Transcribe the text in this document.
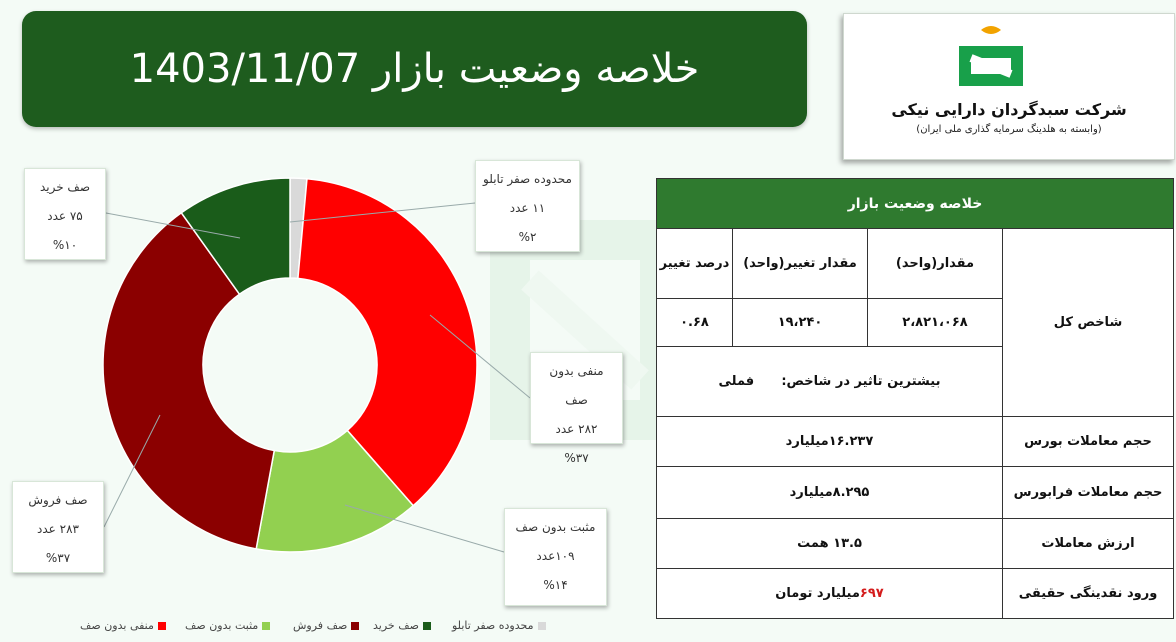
خلاصه وضعیت بازار 1403/11/07
شرکت سبدگردان دارایی نیکی
(وابسته به هلدینگ سرمایه گذاری ملی ایران)
محدوده صفر تابلو
۱۱ عدد
%۲
منفی بدون صف
۲۸۲ عدد
%۳۷
مثبت بدون صف
۱۰۹عدد
%۱۴
صف فروش
۲۸۳ عدد
%۳۷
صف خرید
۷۵ عدد
%۱۰
منفی بدون صف	مثبت بدون صف	صف فروش صف خرید	محدوده صفر تابلو
خلاصه وضعیت بازار			
شاخص کل	مقدار(واحد)	مقدار تغییر(واحد)	درصد تغییر
	۲،۸۲۱،۰۶۸	۱۹،۲۴۰	۰.۶۸
	بیشترین تاثیر در شاخص:      فملی		
حجم معاملات بورس	۱۶.۲۳۷میلیارد		
حجم معاملات فرابورس	۸.۲۹۵میلیارد		
ارزش معاملات	۱۳.۵ همت		
ورود نقدینگی حقیقی	۶۹۷میلیارد تومان		
